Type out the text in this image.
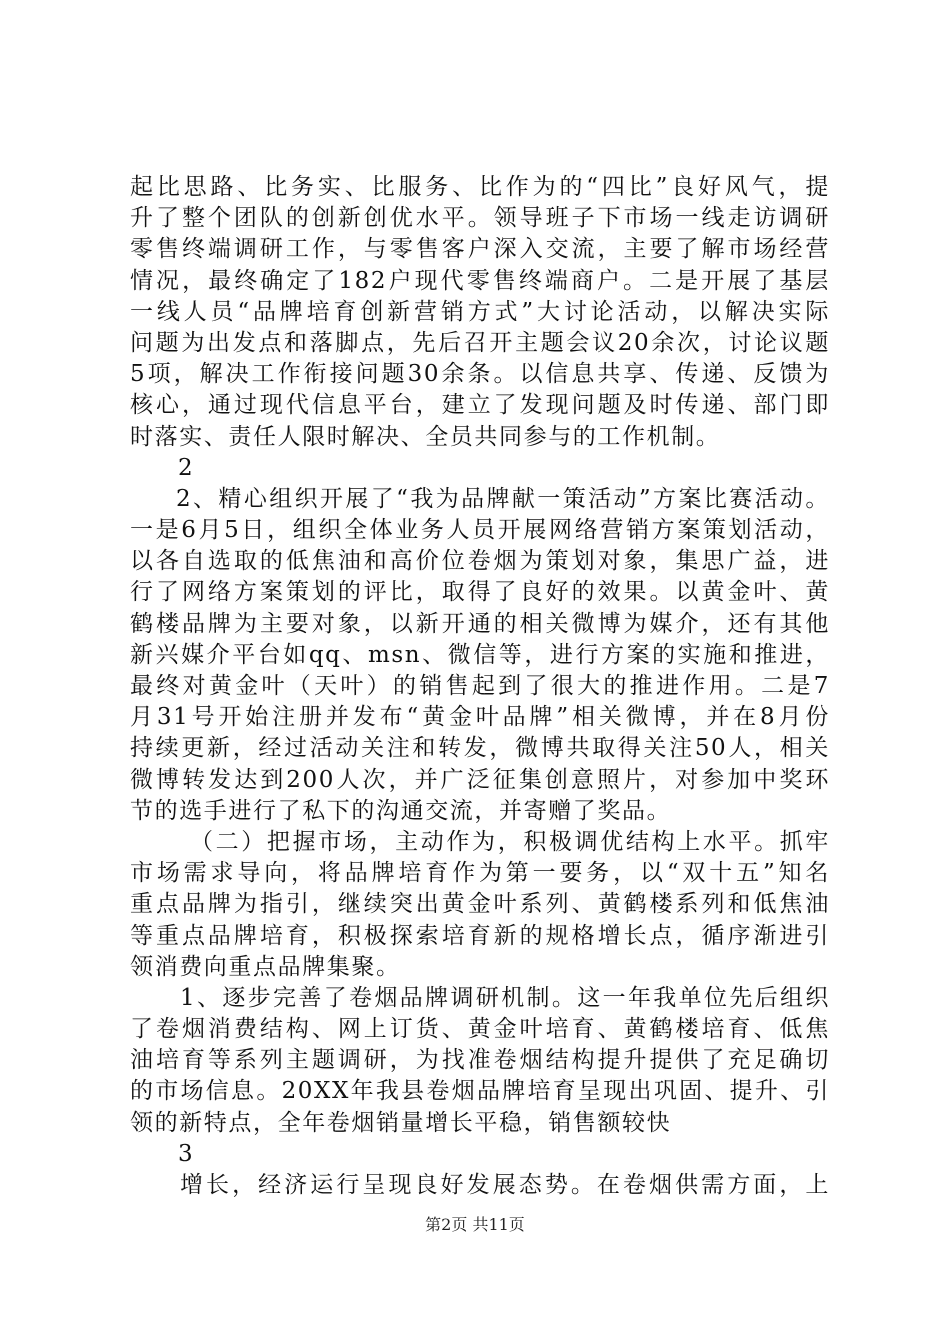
起比思路、比务实、比服务、比作为的“四比”良好风气，提
升了整个团队的创新创优水平。领导班子下市场一线走访调研
零售终端调研工作，与零售客户深入交流，主要了解市场经营
情况，最终确定了182户现代零售终端商户。二是开展了基层
一线人员“品牌培育创新营销方式”大讨论活动，以解决实际
问题为出发点和落脚点，先后召开主题会议20余次，讨论议题
5项，解决工作衔接问题30余条。以信息共享、传递、反馈为
核心，通过现代信息平台，建立了发现问题及时传递、部门即
时落实、责任人限时解决、全员共同参与的工作机制。
2
2、精心组织开展了“我为品牌献一策活动”方案比赛活动。
一是6月5日，组织全体业务人员开展网络营销方案策划活动，
以各自选取的低焦油和高价位卷烟为策划对象，集思广益，进
行了网络方案策划的评比，取得了良好的效果。以黄金叶、黄
鹤楼品牌为主要对象，以新开通的相关微博为媒介，还有其他
新兴媒介平台如qq、msn、微信等，进行方案的实施和推进，
最终对黄金叶（天叶）的销售起到了很大的推进作用。二是7
月31号开始注册并发布“黄金叶品牌”相关微博，并在8月份
持续更新，经过活动关注和转发，微博共取得关注50人，相关
微博转发达到200人次，并广泛征集创意照片，对参加中奖环
节的选手进行了私下的沟通交流，并寄赠了奖品。
（二）把握市场，主动作为，积极调优结构上水平。抓牢
市场需求导向，将品牌培育作为第一要务，以“双十五”知名
重点品牌为指引，继续突出黄金叶系列、黄鹤楼系列和低焦油
等重点品牌培育，积极探索培育新的规格增长点，循序渐进引
领消费向重点品牌集聚。
1、逐步完善了卷烟品牌调研机制。这一年我单位先后组织
了卷烟消费结构、网上订货、黄金叶培育、黄鹤楼培育、低焦
油培育等系列主题调研，为找准卷烟结构提升提供了充足确切
的市场信息。20XX年我县卷烟品牌培育呈现出巩固、提升、引
领的新特点，全年卷烟销量增长平稳，销售额较快
3
增长，经济运行呈现良好发展态势。在卷烟供需方面，上
第2页 共11页
